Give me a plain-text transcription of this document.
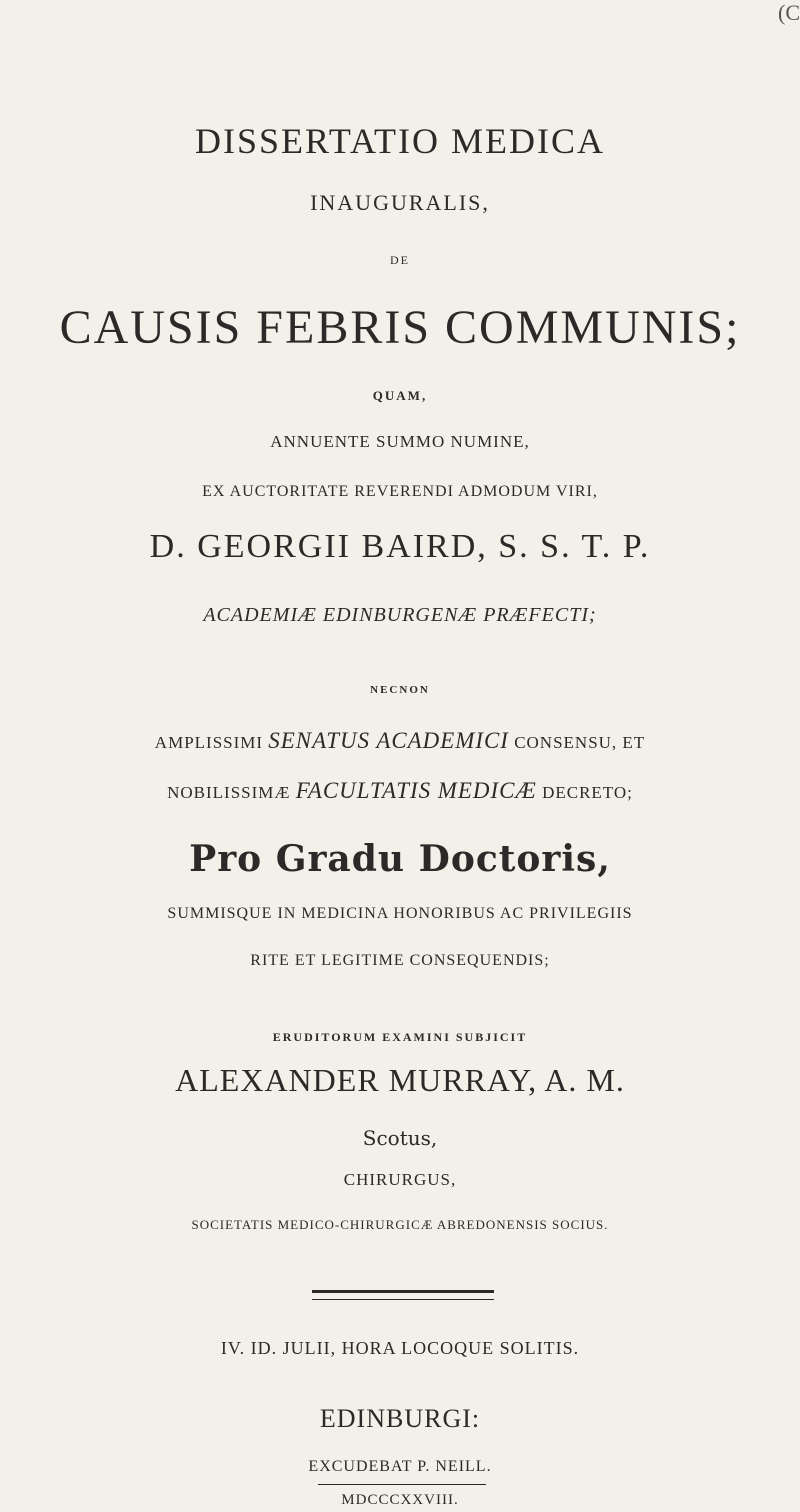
(C
DISSERTATIO MEDICA
INAUGURALIS,
DE
CAUSIS FEBRIS COMMUNIS;
QUAM,
ANNUENTE SUMMO NUMINE,
EX AUCTORITATE REVERENDI ADMODUM VIRI,
D. GEORGII BAIRD, S. S. T. P.
ACADEMIÆ EDINBURGENÆ PRÆFECTI;
NECNON
AMPLISSIMI SENATUS ACADEMICI CONSENSU, ET
NOBILISSIMÆ FACULTATIS MEDICÆ DECRETO;
Pro Gradu Doctoris,
SUMMISQUE IN MEDICINA HONORIBUS AC PRIVILEGIIS
RITE ET LEGITIME CONSEQUENDIS;
ERUDITORUM EXAMINI SUBJICIT
ALEXANDER MURRAY, A. M.
Scotus,
CHIRURGUS,
SOCIETATIS MEDICO-CHIRURGICÆ ABREDONENSIS SOCIUS.
IV. ID. JULII, HORA LOCOQUE SOLITIS.
EDINBURGI:
EXCUDEBAT P. NEILL.
MDCCCXXVIII.
